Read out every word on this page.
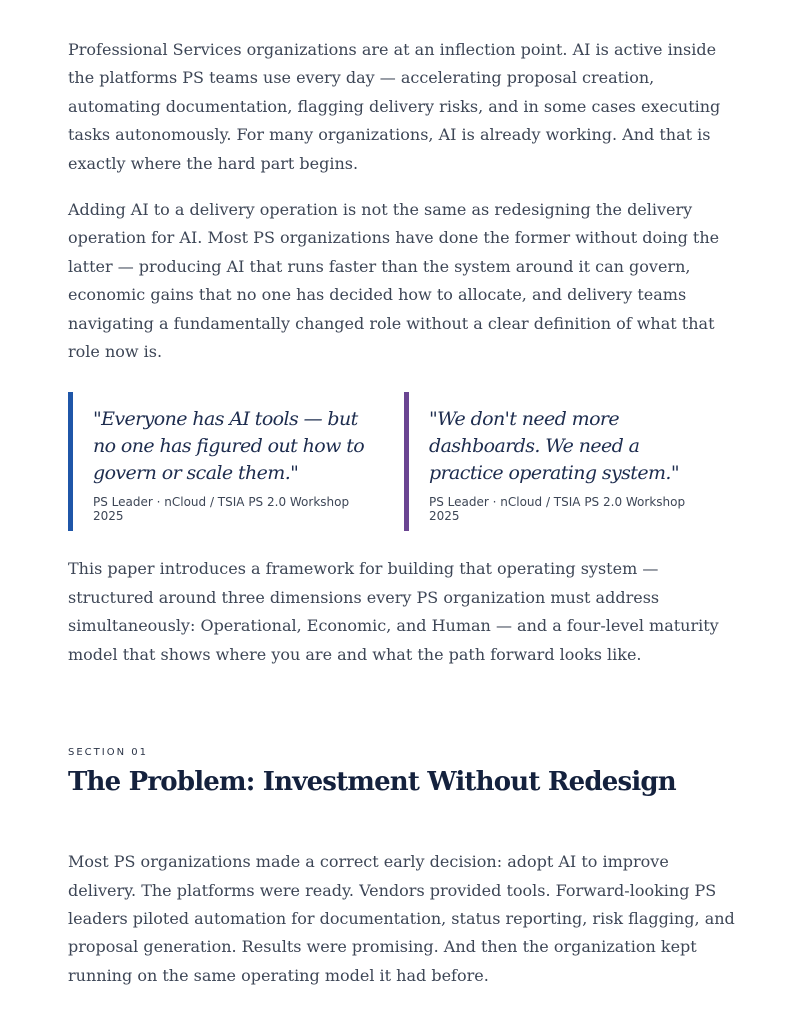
Professional Services organizations are at an inflection point. AI is active inside the platforms PS teams use every day — accelerating proposal creation, automating documentation, flagging delivery risks, and in some cases executing tasks autonomously. For many organizations, AI is already working. And that is exactly where the hard part begins.

Adding AI to a delivery operation is not the same as redesigning the delivery operation for AI. Most PS organizations have done the former without doing the latter — producing AI that runs faster than the system around it can govern, economic gains that no one has decided how to allocate, and delivery teams navigating a fundamentally changed role without a clear definition of what that role now is.

"Everyone has AI tools — but no one has figured out how to govern or scale them."

PS Leader · nCloud / TSIA PS 2.0 Workshop 2025

"We don't need more dashboards. We need a practice operating system."

PS Leader · nCloud / TSIA PS 2.0 Workshop 2025

This paper introduces a framework for building that operating system — structured around three dimensions every PS organization must address simultaneously: Operational, Economic, and Human — and a four-level maturity model that shows where you are and what the path forward looks like.

SECTION 01

The Problem: Investment Without Redesign

Most PS organizations made a correct early decision: adopt AI to improve delivery. The platforms were ready. Vendors provided tools. Forward-looking PS leaders piloted automation for documentation, status reporting, risk flagging, and proposal generation. Results were promising. And then the organization kept running on the same operating model it had before.
